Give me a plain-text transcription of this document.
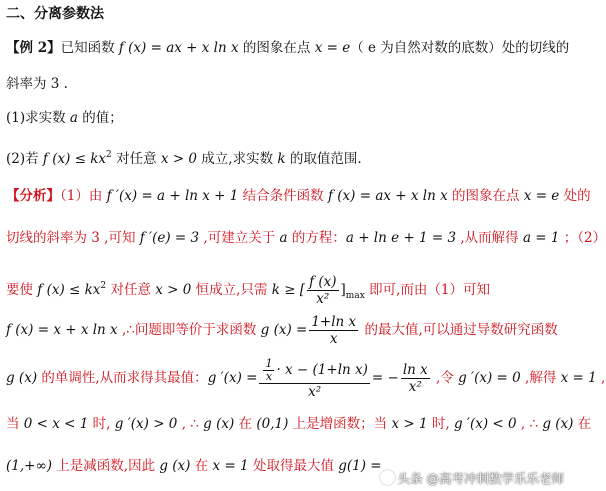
二、分离参数法
【例 2】已知函数 f (x) = ax + x ln x 的图象在点 x = e（ e 为自然对数的底数）处的切线的
斜率为 3 .
(1)求实数 a 的值；
(2)若 f $(x) \le kx^2$ 对任意 x > 0 成立,求实数 k 的取值范围.
【分析】（1）由 f ′(x) = a + ln x + 1 结合条件函数 f (x) = ax + x ln x 的图象在点 x = e 处的
切线的斜率为 3 ,可知 f ′(e) = 3 ,可建立关于 a 的方程：a + ln e + 1 = 3 ,从而解得 a = 1 ；（2）
要使 f $(x) \le kx^2$ 对任意 x > 0 恒成立,只需 k ≥ [ $\frac{f (x)}{\text{x²}} ]_{max}$ 即可,而由（1）可知
f (x) = x + x ln x ,∴问题即等价于求函数 g $(x) = \frac{\text{1+ln x}}{x}$ 的最大值,可以通过导数研究函数
g (x) 的单调性,从而求得其最值：g $'(x) = \frac{\frac{1}{x} \cdot x - (1+\ln x)}{\text{x²}}$ = − $\frac{\text{ln x}}{\text{x²}}$ ,令 g ′(x) = 0 ,解得 x = 1 ,
当 0 < x < 1 时, g ′(x) > 0 , ∴ g (x) 在 (0,1) 上是增函数；当 x > 1 时, g ′(x) < 0 , ∴ g (x) 在
(1,+∞) 上是减函数,因此 g (x) 在 x = 1 处取得最大值 g(1) =
头条 @高考冲刺数学乐乐老师
